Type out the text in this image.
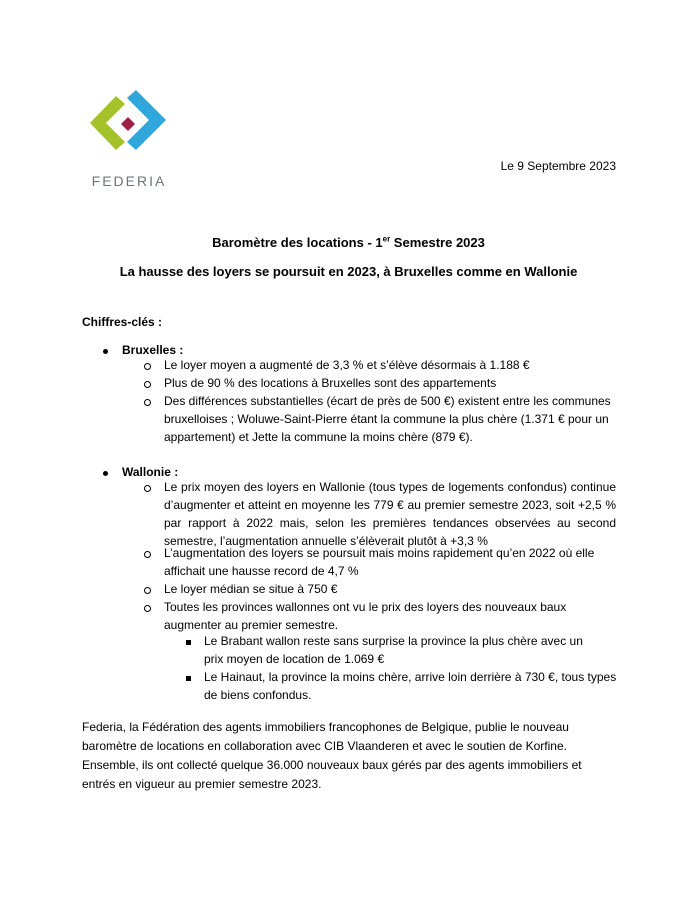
FEDERIA
Le 9 Septembre 2023
Baromètre des locations - 1er Semestre 2023
La hausse des loyers se poursuit en 2023, à Bruxelles comme en Wallonie
Chiffres-clés :
Bruxelles :
Le loyer moyen a augmenté de 3,3 % et s’élève désormais à 1.188 €
Plus de 90 % des locations à Bruxelles sont des appartements
Des différences substantielles (écart de près de 500 €) existent entre les communes bruxelloises ; Woluwe-Saint-Pierre étant la commune la plus chère (1.371 € pour un appartement) et Jette la commune la moins chère (879 €).
Wallonie :
Le prix moyen des loyers en Wallonie (tous types de logements confondus) continue d’augmenter et atteint en moyenne les 779 € au premier semestre 2023, soit +2,5 % par rapport à 2022 mais, selon les premières tendances observées au second semestre, l’augmentation annuelle s’élèverait plutôt à +3,3 %
L’augmentation des loyers se poursuit mais moins rapidement qu’en 2022 où elle affichait une hausse record de 4,7 %
Le loyer médian se situe à 750 €
Toutes les provinces wallonnes ont vu le prix des loyers des nouveaux baux augmenter au premier semestre.
Le Brabant wallon reste sans surprise la province la plus chère avec un prix moyen de location de 1.069 €
Le Hainaut, la province la moins chère, arrive loin derrière à 730 €, tous types de biens confondus.
Federia, la Fédération des agents immobiliers francophones de Belgique, publie le nouveau baromètre de locations en collaboration avec CIB Vlaanderen et avec le soutien de Korfine. Ensemble, ils ont collecté quelque 36.000 nouveaux baux gérés par des agents immobiliers et entrés en vigueur au premier semestre 2023.
